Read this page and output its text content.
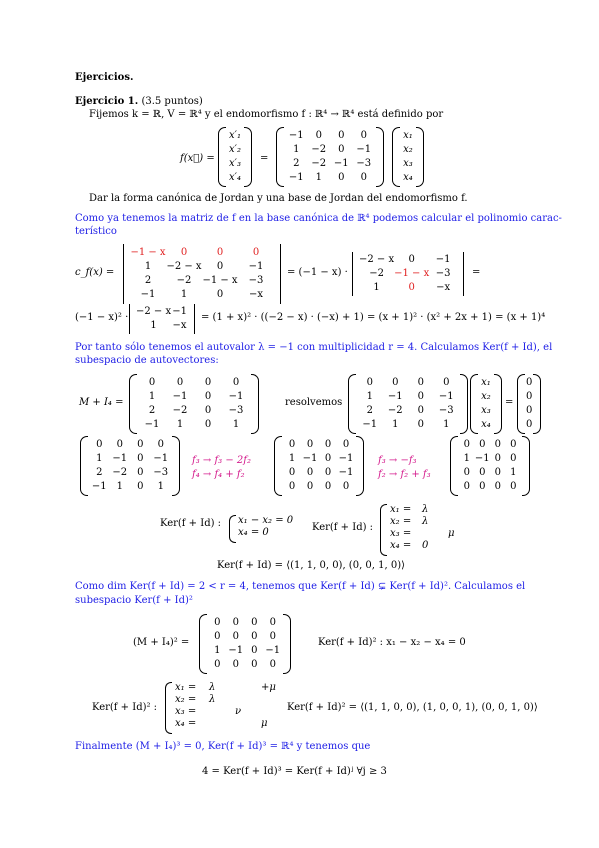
Ejercicios.
Ejercicio 1. (3.5 puntos)
Fijemos k = ℝ, V = ℝ⁴ y el endomorfismo f : ℝ⁴ → ℝ⁴ está definido por
f(x⃗) =
x′₁
x′₂
x′₃
x′₄
=
−1	0	0	0
1	−2	0	−1
2	−2 −1 −3
−1	1	0	0
x₁
x₂
x₃
x₄
Dar la forma canónica de Jordan y una base de Jordan del endomorfismo f.
Como ya tenemos la matriz de f en la base canónica de ℝ⁴ podemos calcular el polinomio carac-
terístico
c_f(x) =
−1 − x	0	0	0
1	−2 − x	0	−1
2	−2	−1 − x	−3
−1	1	0	−x
= (−1 − x) ·
−2 − x	0	−1
−2	−1 − x −3
1	0	−x
=
(−1 − x)² ·
−2 − x −1
1	−x
= (1 + x)² · ((−2 − x) · (−x) + 1) = (x + 1)² · (x² + 2x + 1) = (x + 1)⁴
Por tanto sólo tenemos el autovalor λ = −1 con multiplicidad r = 4. Calculamos Ker(f + Id), el
subespacio de autovectores:
M + I₄ =
0	0	0	0
1	−1	0	−1
2	−2	0	−3
−1	1	0	1
resolvemos
0	0	0	0
1	−1	0	−1
2	−2	0	−3
−1	1	0	1
x₁
x₂
x₃
x₄
=
0
0
0
0
0	0	0	0
1 −1 0 −1
2 −2 0 −3
−1 1	0	1
f₃ → f₃ − 2f₂
f₄ → f₄ + f₂
0	0	0	0
1 −1 0 −1
0	0	0 −1
0	0	0	0
f₃ → −f₃
f₂ → f₂ + f₃
0 0 0 0
1 −1 0 0
0 0 0 1
0 0 0 0
Ker(f + Id) : x₁ − x₂ = 0
x₄ = 0	Ker(f + Id) :
x₁ = λ
x₂ = λ
x₃ =	μ
x₄ = 0
Ker(f + Id) = ⟨(1, 1, 0, 0), (0, 0, 1, 0)⟩
Como dim Ker(f + Id) = 2 < r = 4, tenemos que Ker(f + Id) ⊊ Ker(f + Id)². Calculamos el
subespacio Ker(f + Id)²
(M + I₄)² =
0	0	0	0
0	0	0	0
1 −1 0 −1
0	0	0	0
Ker(f + Id)² : x₁ − x₂ − x₄ = 0
Ker(f + Id)² :
x₁ = λ	+μ
x₂ = λ
x₃ =	ν
x₄ =	μ
Ker(f + Id)² = ⟨(1, 1, 0, 0), (1, 0, 0, 1), (0, 0, 1, 0)⟩
Finalmente (M + I₄)³ = 0, Ker(f + Id)³ = ℝ⁴ y tenemos que
4 = Ker(f + Id)³ = Ker(f + Id)ʲ ∀j ≥ 3
